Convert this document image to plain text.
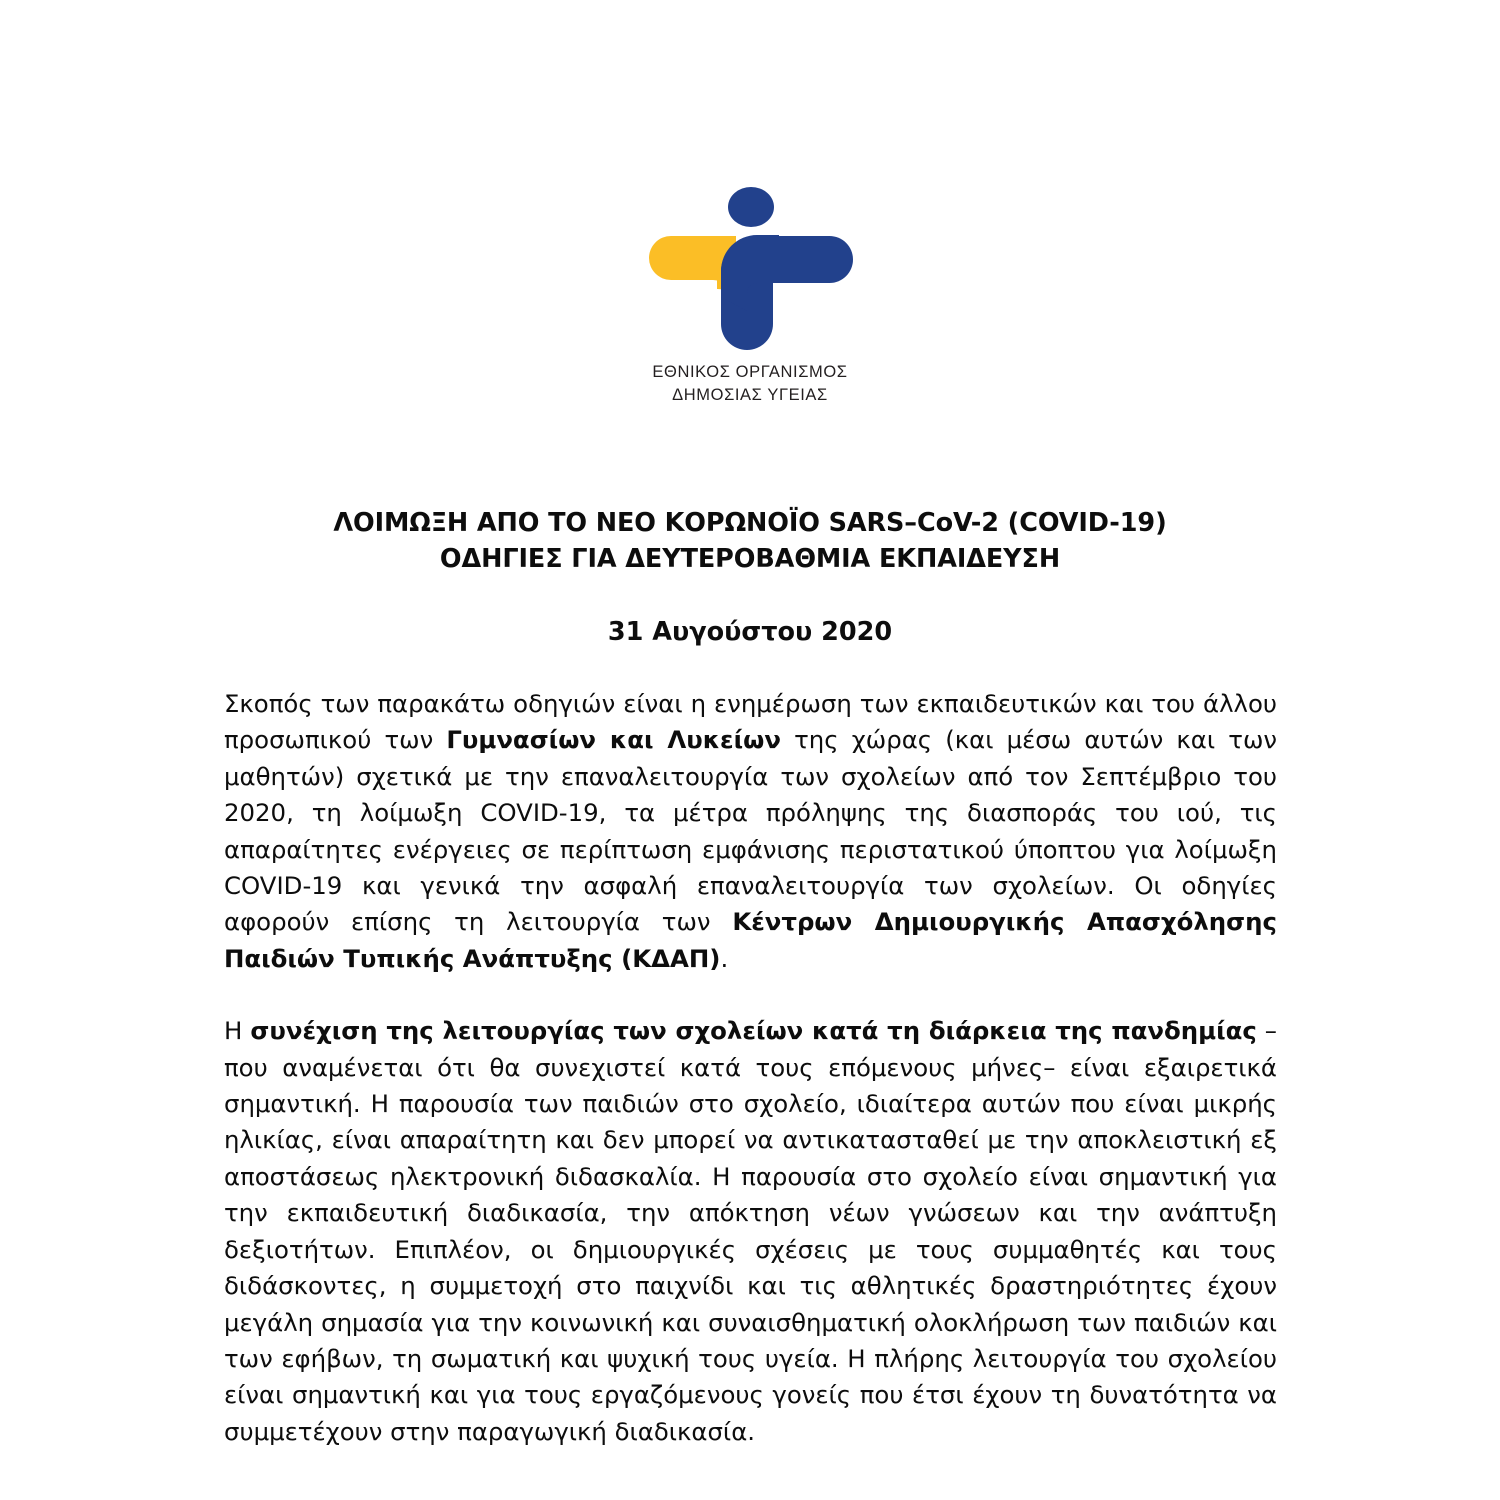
ΕΘΝΙΚΟΣ ΟΡΓΑΝΙΣΜΟΣ
ΔΗΜΟΣΙΑΣ ΥΓΕΙΑΣ
ΛΟΙΜΩΞΗ ΑΠΟ ΤΟ ΝΕΟ ΚΟΡΩΝΟΪΟ SARS–CoV-2 (COVID-19)
ΟΔΗΓΙΕΣ ΓΙΑ ΔΕΥΤΕΡΟΒΑΘΜΙΑ ΕΚΠΑΙΔΕΥΣΗ
31 Αυγούστου 2020

Σκοπός των παρακάτω οδηγιών είναι η ενημέρωση των εκπαιδευτικών και του άλλου προσωπικού των Γυμνασίων και Λυκείων της χώρας (και μέσω αυτών και των μαθητών) σχετικά με την επαναλειτουργία των σχολείων από τον Σεπτέμβριο του 2020, τη λοίμωξη COVID-19, τα μέτρα πρόληψης της διασποράς του ιού, τις απαραίτητες ενέργειες σε περίπτωση εμφάνισης περιστατικού ύποπτου για λοίμωξη COVID-19 και γενικά την ασφαλή επαναλειτουργία των σχολείων. Οι οδηγίες αφορούν επίσης τη λειτουργία των Κέντρων Δημιουργικής Απασχόλησης Παιδιών Τυπικής Ανάπτυξης (ΚΔΑΠ).

Η συνέχιση της λειτουργίας των σχολείων κατά τη διάρκεια της πανδημίας –που αναμένεται ότι θα συνεχιστεί κατά τους επόμενους μήνες– είναι εξαιρετικά σημαντική. Η παρουσία των παιδιών στο σχολείο, ιδιαίτερα αυτών που είναι μικρής ηλικίας, είναι απαραίτητη και δεν μπορεί να αντικατασταθεί με την αποκλειστική εξ αποστάσεως ηλεκτρονική διδασκαλία. Η παρουσία στο σχολείο είναι σημαντική για την εκπαιδευτική διαδικασία, την απόκτηση νέων γνώσεων και την ανάπτυξη δεξιοτήτων. Επιπλέον, οι δημιουργικές σχέσεις με τους συμμαθητές και τους διδάσκοντες, η συμμετοχή στο παιχνίδι και τις αθλητικές δραστηριότητες έχουν μεγάλη σημασία για την κοινωνική και συναισθηματική ολοκλήρωση των παιδιών και των εφήβων, τη σωματική και ψυχική τους υγεία. Η πλήρης λειτουργία του σχολείου είναι σημαντική και για τους εργαζόμενους γονείς που έτσι έχουν τη δυνατότητα να συμμετέχουν στην παραγωγική διαδικασία.
